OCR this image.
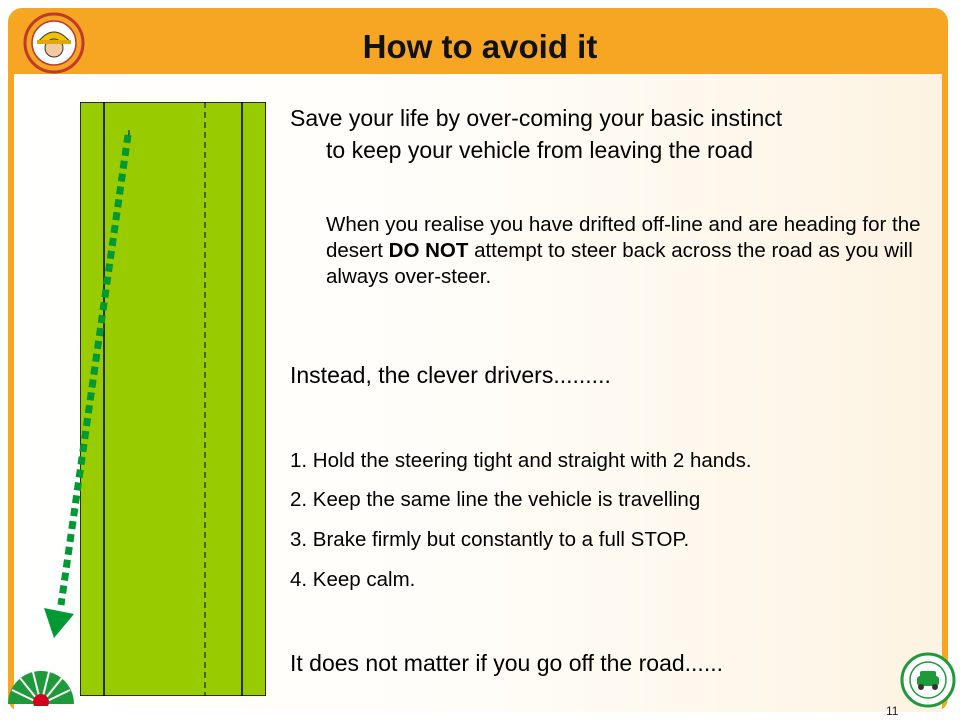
How to avoid it

Save your life by over-coming your basic instinct
to keep your vehicle from leaving the road

When you realise you have drifted off-line and are heading for the desert DO NOT attempt to steer back across the road as you will always over-steer.

Instead, the clever drivers.........

1. Hold the steering tight and straight with 2 hands.

2. Keep the same line the vehicle is travelling

3. Brake firmly but constantly to a full STOP.

4. Keep calm.

It does not matter if you go off the road......

11
